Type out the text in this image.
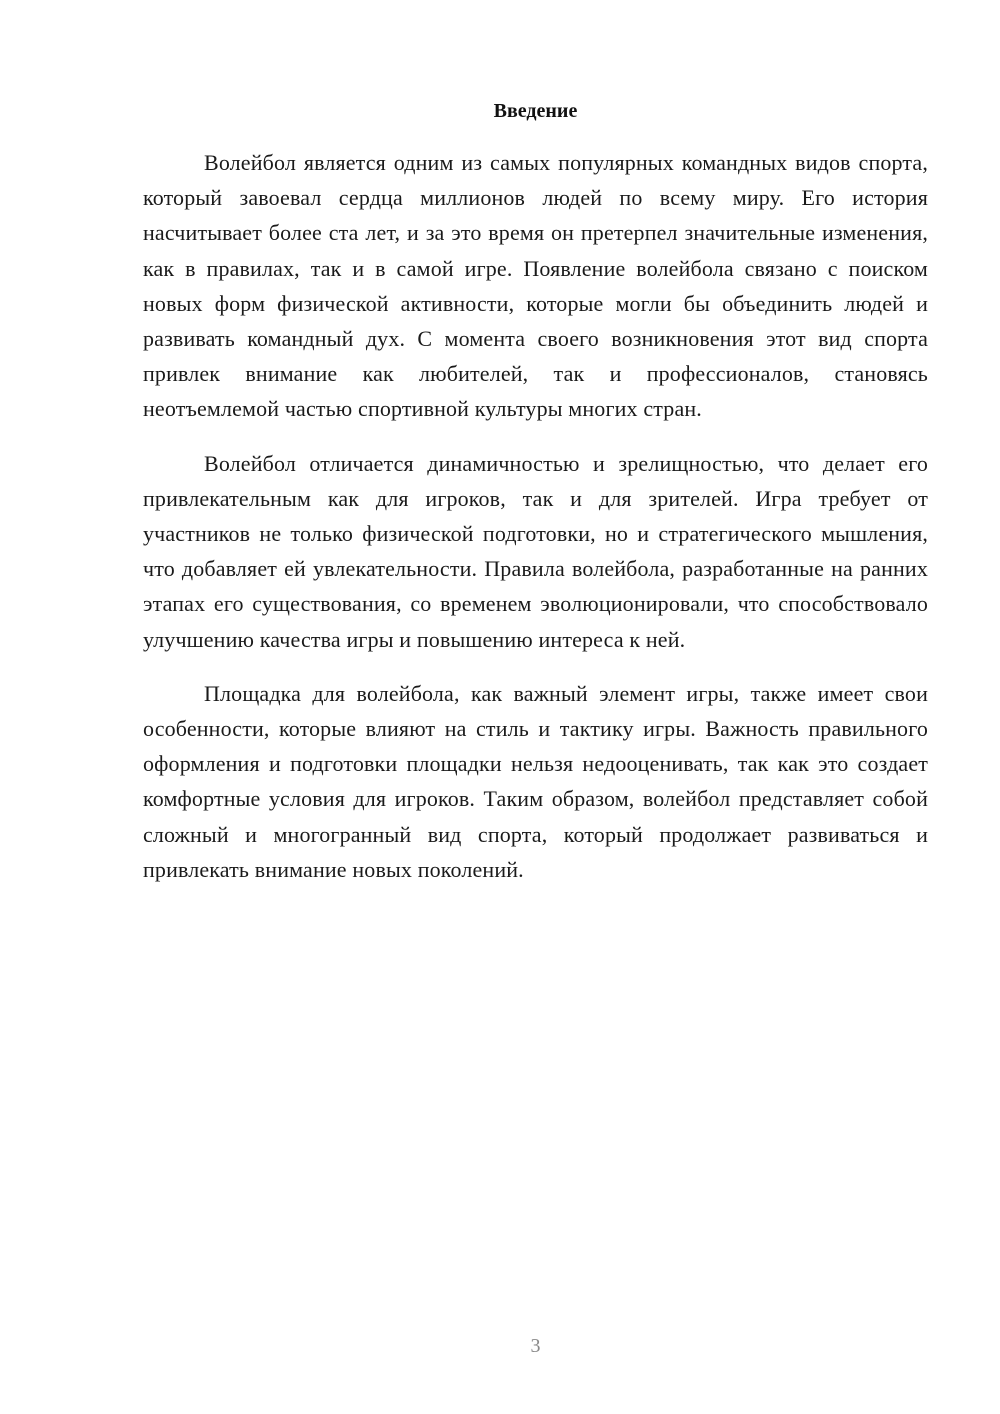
Введение

Волейбол является одним из самых популярных командных видов спорта, который завоевал сердца миллионов людей по всему миру. Его история насчитывает более ста лет, и за это время он претерпел значительные изменения, как в правилах, так и в самой игре. Появление волейбола связано с поиском новых форм физической активности, которые могли бы объединить людей и развивать командный дух. С момента своего возникновения этот вид спорта привлек внимание как любителей, так и профессионалов, становясь неотъемлемой частью спортивной культуры многих стран.

Волейбол отличается динамичностью и зрелищностью, что делает его привлекательным как для игроков, так и для зрителей. Игра требует от участников не только физической подготовки, но и стратегического мышления, что добавляет ей увлекательности. Правила волейбола, разработанные на ранних этапах его существования, со временем эволюционировали, что способствовало улучшению качества игры и повышению интереса к ней.

Площадка для волейбола, как важный элемент игры, также имеет свои особенности, которые влияют на стиль и тактику игры. Важность правильного оформления и подготовки площадки нельзя недооценивать, так как это создает комфортные условия для игроков. Таким образом, волейбол представляет собой сложный и многогранный вид спорта, который продолжает развиваться и привлекать внимание новых поколений.

3
